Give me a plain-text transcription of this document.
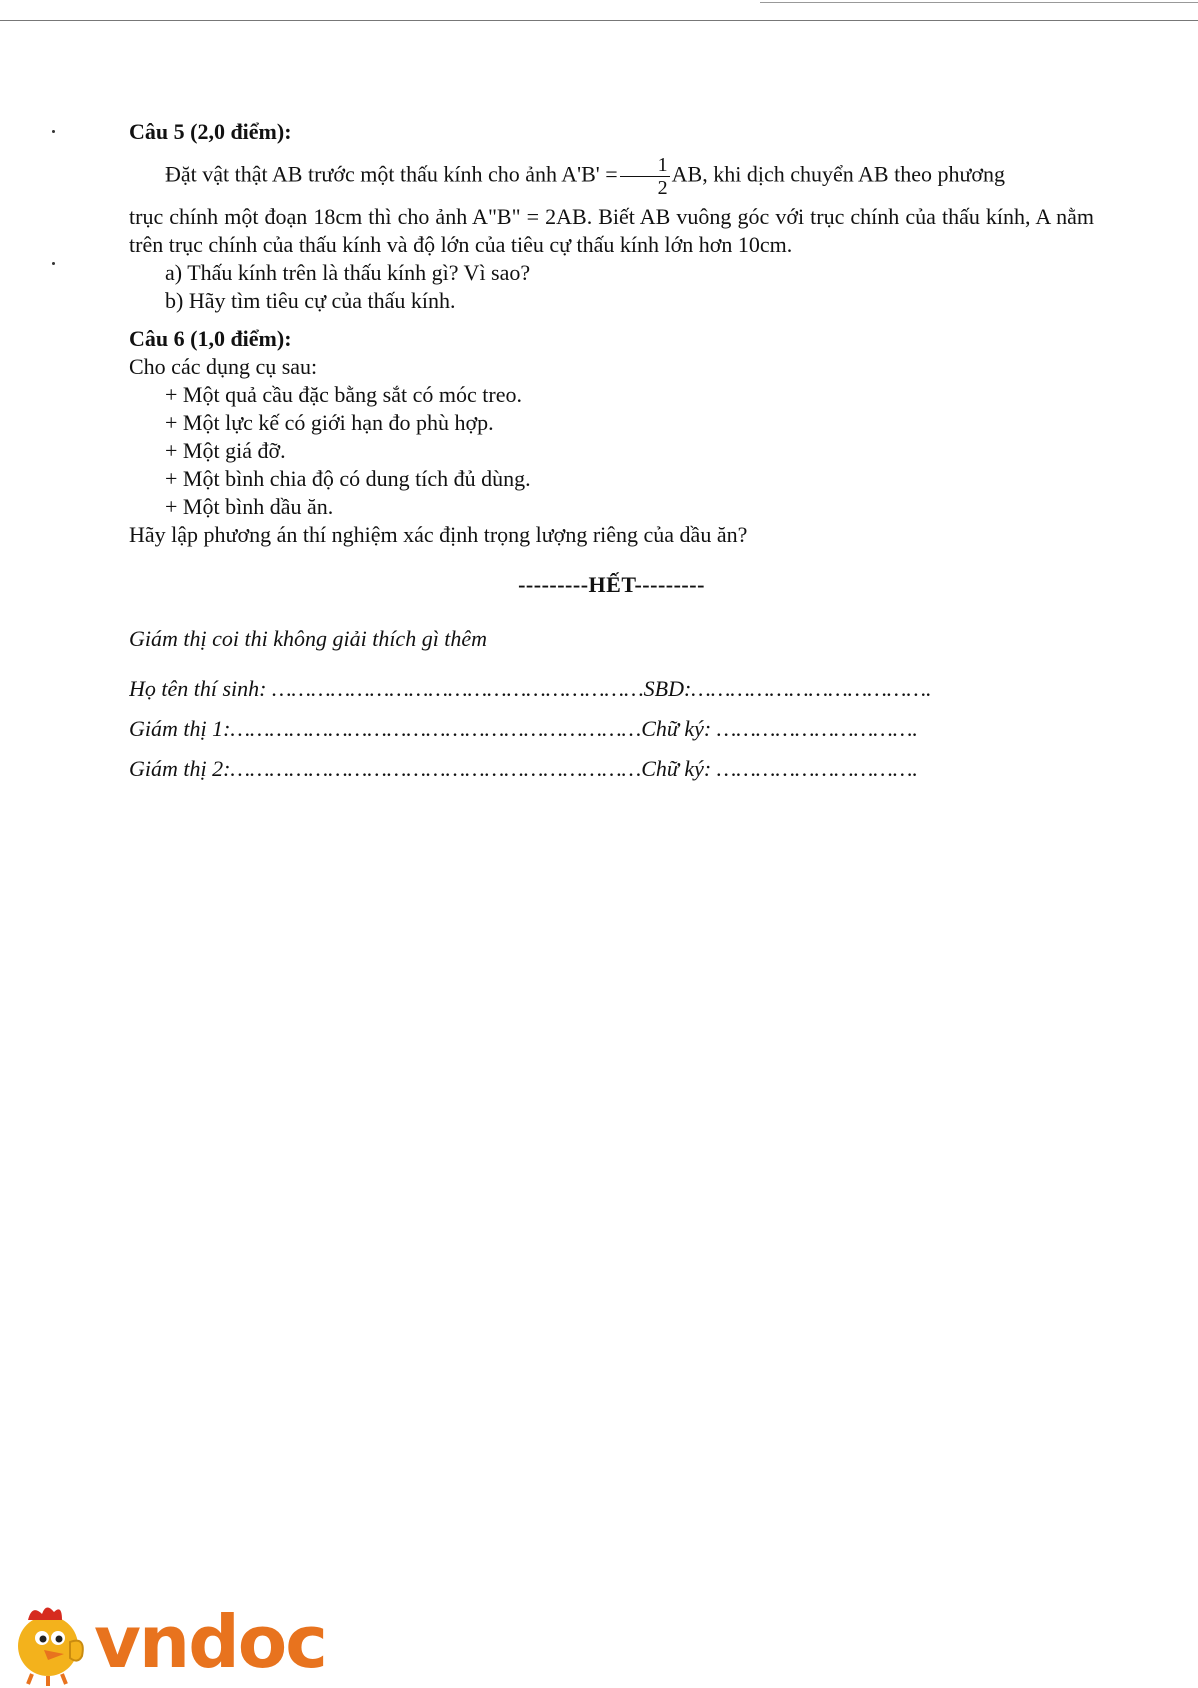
Câu 5 (2,0 điểm):

Đặt vật thật AB trước một thấu kính cho ảnh $A'B' = \frac{1}{2}$ AB, khi dịch chuyển AB theo phương

trục chính một đoạn 18cm thì cho ảnh A"B" = 2AB. Biết AB vuông góc với trục chính của thấu kính, A nằm trên trục chính của thấu kính và độ lớn của tiêu cự thấu kính lớn hơn 10cm.

a) Thấu kính trên là thấu kính gì? Vì sao?

b) Hãy tìm tiêu cự của thấu kính.

Câu 6 (1,0 điểm):

Cho các dụng cụ sau:

+ Một quả cầu đặc bằng sắt có móc treo.

+ Một lực kế có giới hạn đo phù hợp.

+ Một giá đỡ.

+ Một bình chia độ có dung tích đủ dùng.

+ Một bình dầu ăn.

Hãy lập phương án thí nghiệm xác định trọng lượng riêng của dầu ăn?

---------HẾT---------

Giám thị coi thi không giải thích gì thêm

Họ tên thí sinh: …………………………………………………SBD:……………………………….

Giám thị 1:………………………………………………………Chữ ký: ………………………….

Giám thị 2:………………………………………………………Chữ ký: ………………………….

vndoc
